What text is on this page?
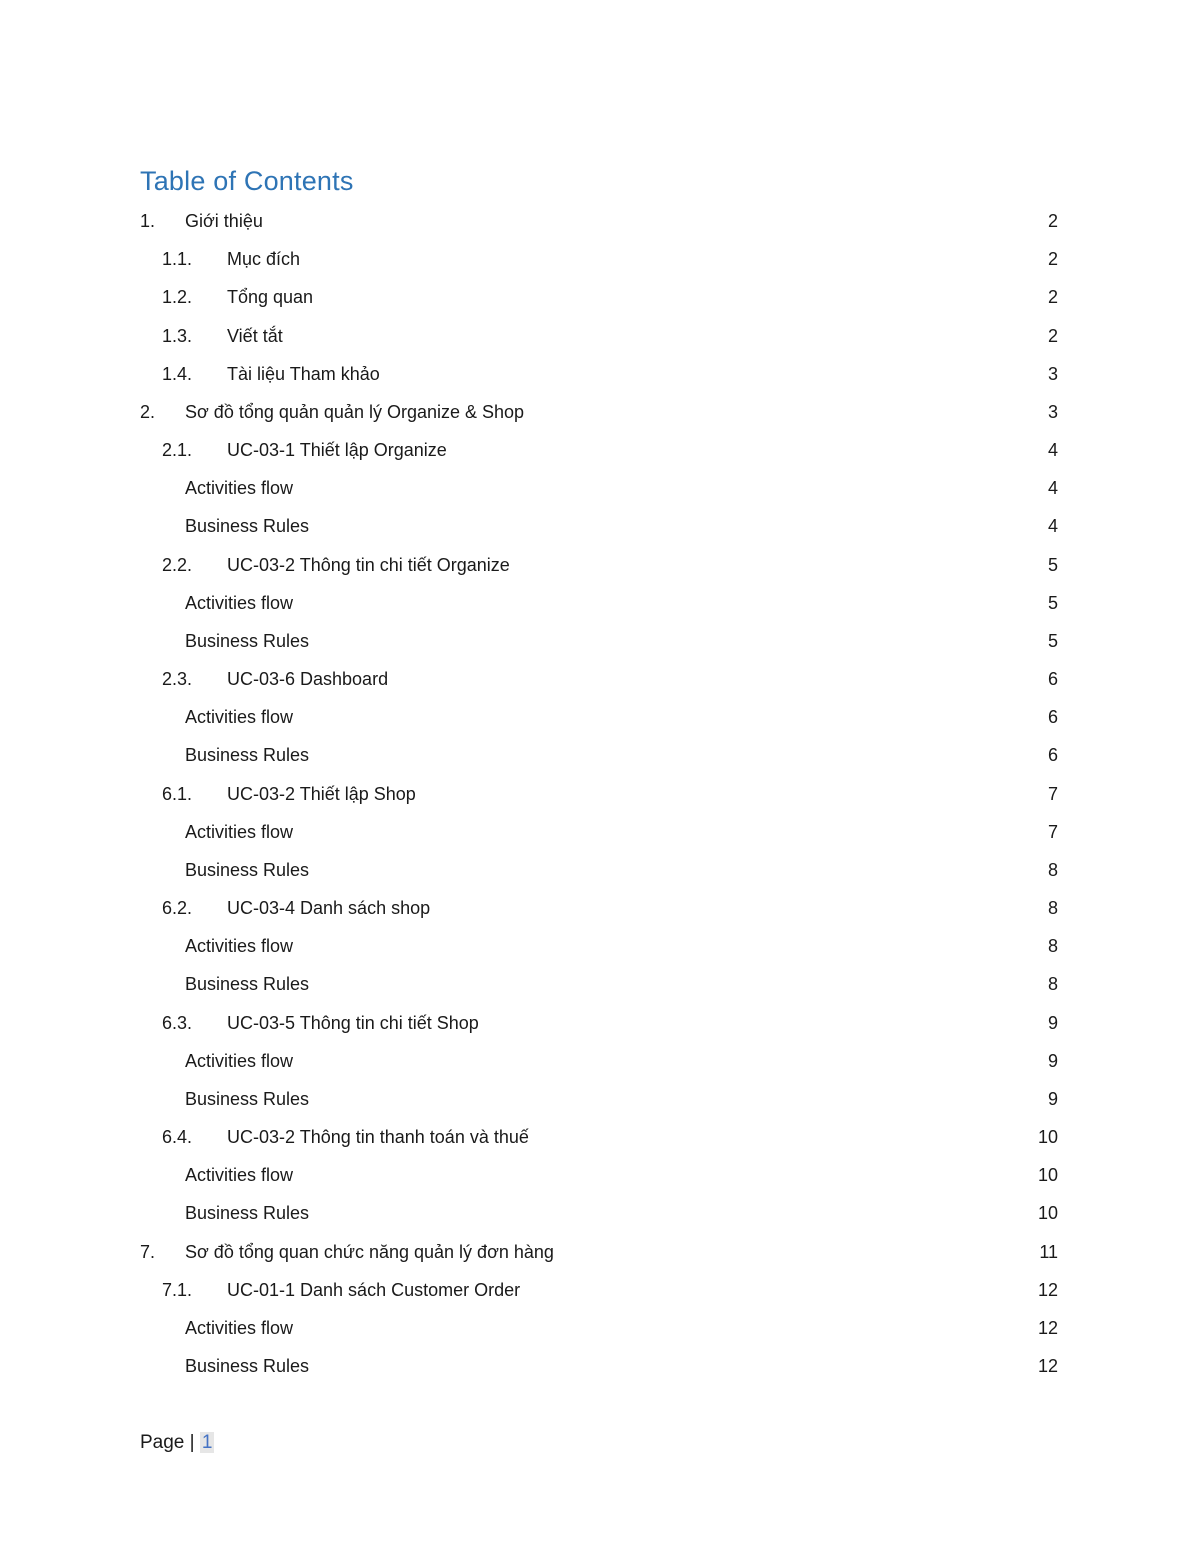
Table of Contents
1. Giới thiệu	2
1.1. Mục đích	2
1.2. Tổng quan	2
1.3. Viết tắt	2
1.4. Tài liệu Tham khảo	3
2. Sơ đồ tổng quản quản lý Organize & Shop	3
2.1. UC-03-1 Thiết lập Organize	4
Activities flow	4
Business Rules	4
2.2. UC-03-2 Thông tin chi tiết Organize	5
Activities flow	5
Business Rules	5
2.3. UC-03-6 Dashboard	6
Activities flow	6
Business Rules	6
6.1. UC-03-2 Thiết lập Shop	7
Activities flow	7
Business Rules	8
6.2. UC-03-4 Danh sách shop	8
Activities flow	8
Business Rules	8
6.3. UC-03-5 Thông tin chi tiết Shop	9
Activities flow	9
Business Rules	9
6.4. UC-03-2 Thông tin thanh toán và thuế	10
Activities flow	10
Business Rules	10
7. Sơ đồ tổng quan chức năng quản lý đơn hàng	11
7.1. UC-01-1 Danh sách Customer Order	12
Activities flow	12
Business Rules	12
Page | 1
